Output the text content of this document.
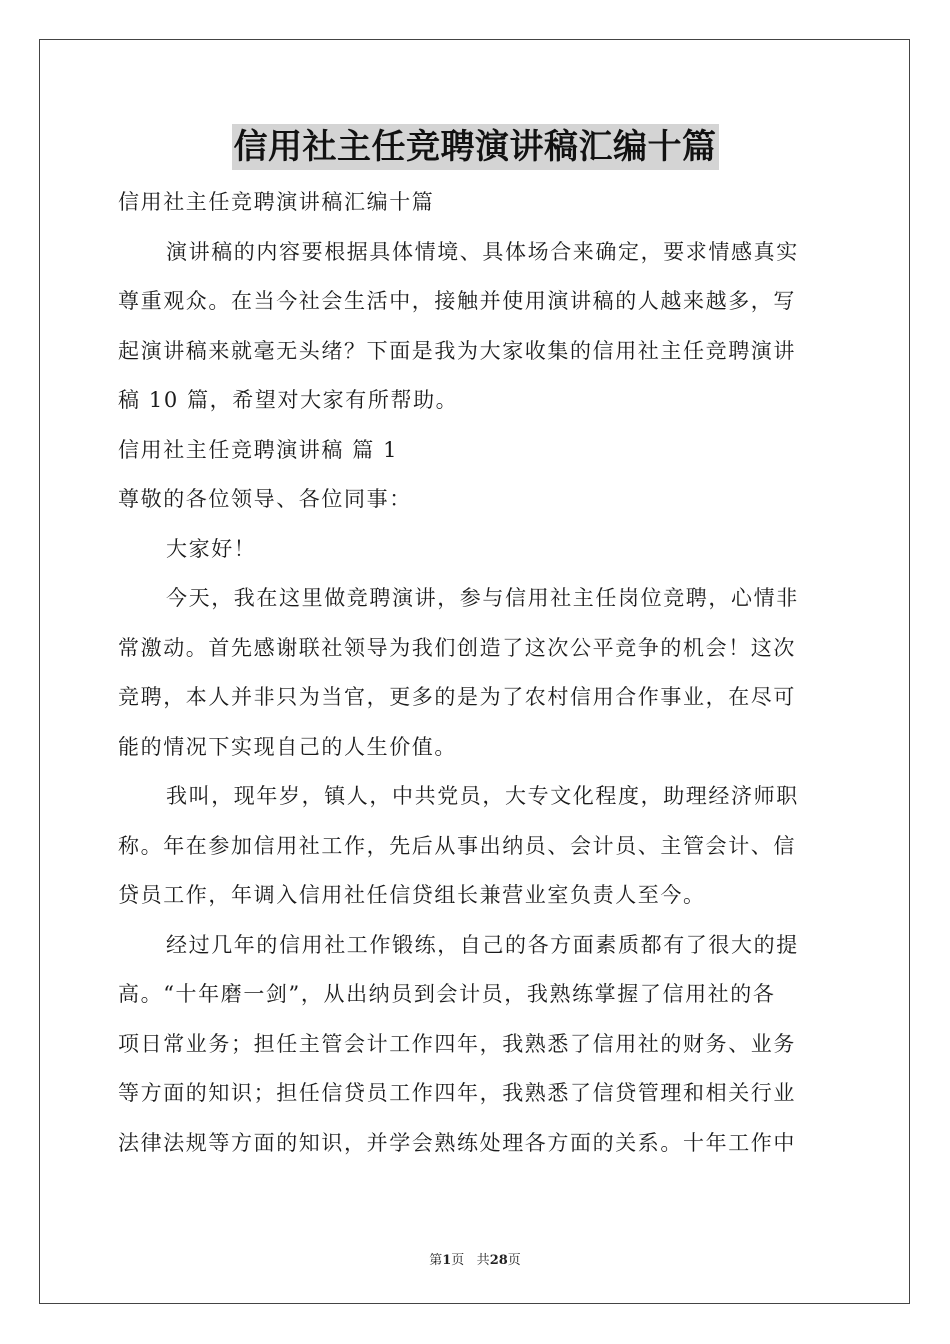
信用社主任竞聘演讲稿汇编十篇
信用社主任竞聘演讲稿汇编十篇
演讲稿的内容要根据具体情境、具体场合来确定，要求情感真实
尊重观众。在当今社会生活中，接触并使用演讲稿的人越来越多，写
起演讲稿来就毫无头绪？下面是我为大家收集的信用社主任竞聘演讲
稿 10 篇，希望对大家有所帮助。
信用社主任竞聘演讲稿 篇 1
尊敬的各位领导、各位同事：
大家好！
今天，我在这里做竞聘演讲，参与信用社主任岗位竞聘，心情非
常激动。首先感谢联社领导为我们创造了这次公平竞争的机会！这次
竞聘，本人并非只为当官，更多的是为了农村信用合作事业，在尽可
能的情况下实现自己的人生价值。
我叫，现年岁，镇人，中共党员，大专文化程度，助理经济师职
称。年在参加信用社工作，先后从事出纳员、会计员、主管会计、信
贷员工作，年调入信用社任信贷组长兼营业室负责人至今。
经过几年的信用社工作锻练，自己的各方面素质都有了很大的提
高。“十年磨一剑”，从出纳员到会计员，我熟练掌握了信用社的各
项日常业务；担任主管会计工作四年，我熟悉了信用社的财务、业务
等方面的知识；担任信贷员工作四年，我熟悉了信贷管理和相关行业
法律法规等方面的知识，并学会熟练处理各方面的关系。十年工作中
第1页 共28页
